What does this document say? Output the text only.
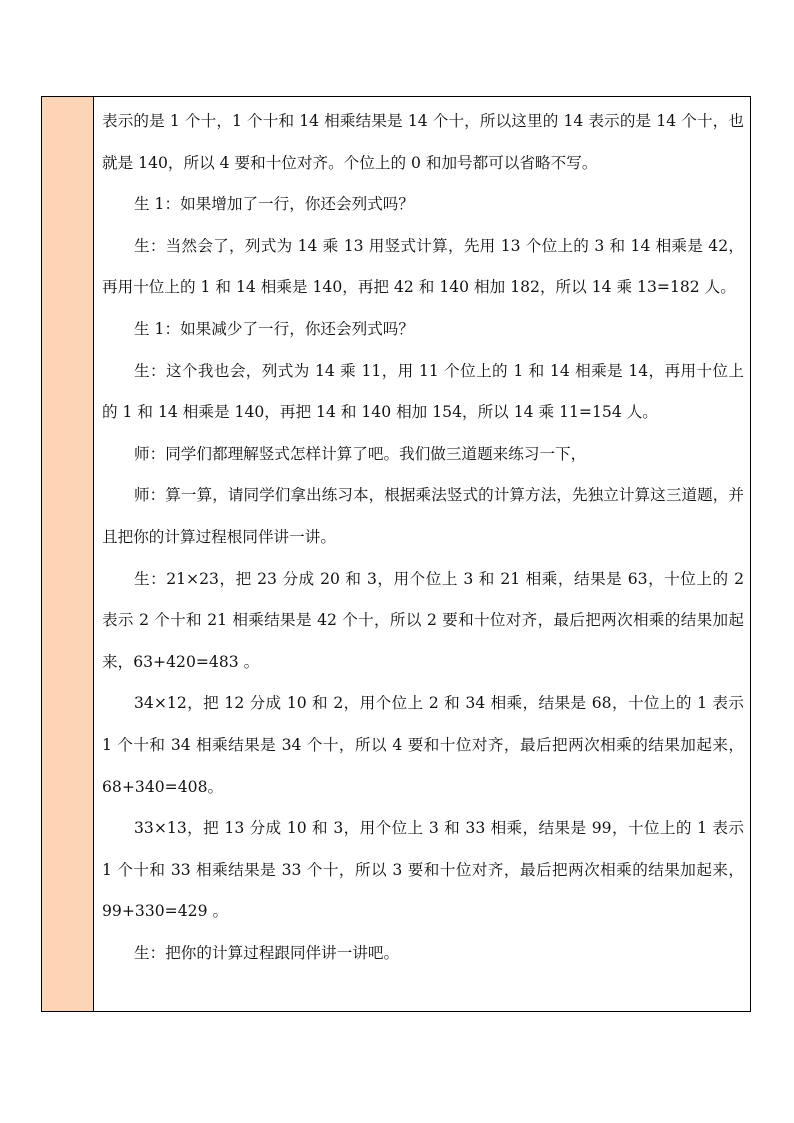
表示的是 1 个十，1 个十和 14 相乘结果是 14 个十，所以这里的 14 表示的是 14 个十，也就是 140，所以 4 要和十位对齐。个位上的 0 和加号都可以省略不写。

生 1：如果增加了一行，你还会列式吗？

生：当然会了，列式为 14 乘 13 用竖式计算，先用 13 个位上的 3 和 14 相乘是 42，再用十位上的 1 和 14 相乘是 140，再把 42 和 140 相加 182，所以 14 乘 13=182 人。

生 1：如果减少了一行，你还会列式吗？

生：这个我也会，列式为 14 乘 11，用 11 个位上的 1 和 14 相乘是 14，再用十位上的 1 和 14 相乘是 140，再把 14 和 140 相加 154，所以 14 乘 11=154 人。

师：同学们都理解竖式怎样计算了吧。我们做三道题来练习一下，

师：算一算，请同学们拿出练习本，根据乘法竖式的计算方法，先独立计算这三道题，并且把你的计算过程根同伴讲一讲。

生：21×23，把 23 分成 20 和 3，用个位上 3 和 21 相乘，结果是 63，十位上的 2 表示 2 个十和 21 相乘结果是 42 个十，所以 2 要和十位对齐，最后把两次相乘的结果加起来，63+420=483 。

34×12，把 12 分成 10 和 2，用个位上 2 和 34 相乘，结果是 68，十位上的 1 表示 1 个十和 34 相乘结果是 34 个十，所以 4 要和十位对齐，最后把两次相乘的结果加起来，68+340=408。

33×13，把 13 分成 10 和 3，用个位上 3 和 33 相乘，结果是 99，十位上的 1 表示 1 个十和 33 相乘结果是 33 个十，所以 3 要和十位对齐，最后把两次相乘的结果加起来，99+330=429 。

生：把你的计算过程跟同伴讲一讲吧。
